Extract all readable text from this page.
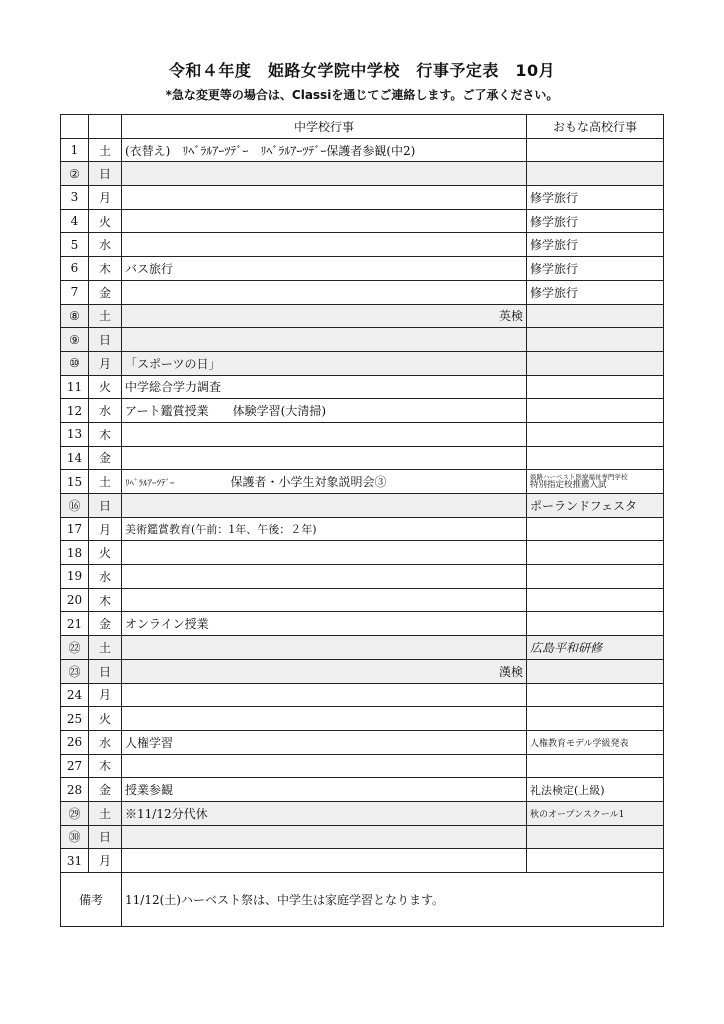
令和４年度　姫路女学院中学校　行事予定表　10月
*急な変更等の場合は、Classiを通じてご連絡します。ご了承ください。
		中学校行事	おもな高校行事
1	土	(衣替え)　ﾘﾍﾞﾗﾙｱｰﾂﾃﾞｰ　ﾘﾍﾞﾗﾙｱｰﾂﾃﾞｰ保護者参観(中2)	
②	日		
3	月		修学旅行
4	火		修学旅行
5	水		修学旅行
6	木	バス旅行	修学旅行
7	金		修学旅行
⑧	土	英検	
⑨	日		
⑩	月	「スポーツの日」	
11	火	中学総合学力調査	
12	水	アート鑑賞授業　　体験学習(大清掃)	
13	木		
14	金		
15	土	ﾘﾍﾞﾗﾙｱｰﾂﾃﾞｰ 保護者・小学生対象説明会③	姫路ハーベスト医療福祉専門学校
特別指定校推薦入試

⑯	日		ポーランドフェスタ
17	月	美術鑑賞教育(午前：1年、午後：２年)	
18	火		
19	水		
20	木		
21	金	オンライン授業	
㉒	土		広島平和研修
㉓	日	漢検	
24	月		
25	火		
26	水	人権学習	人権教育モデル学級発表
27	木		
28	金	授業参観	礼法検定(上級)
㉙	土	※11/12分代休	秋のオープンスクール1
㉚	日		
31	月		
備考		11/12(土)ハーベスト祭は、中学生は家庭学習となります。	
